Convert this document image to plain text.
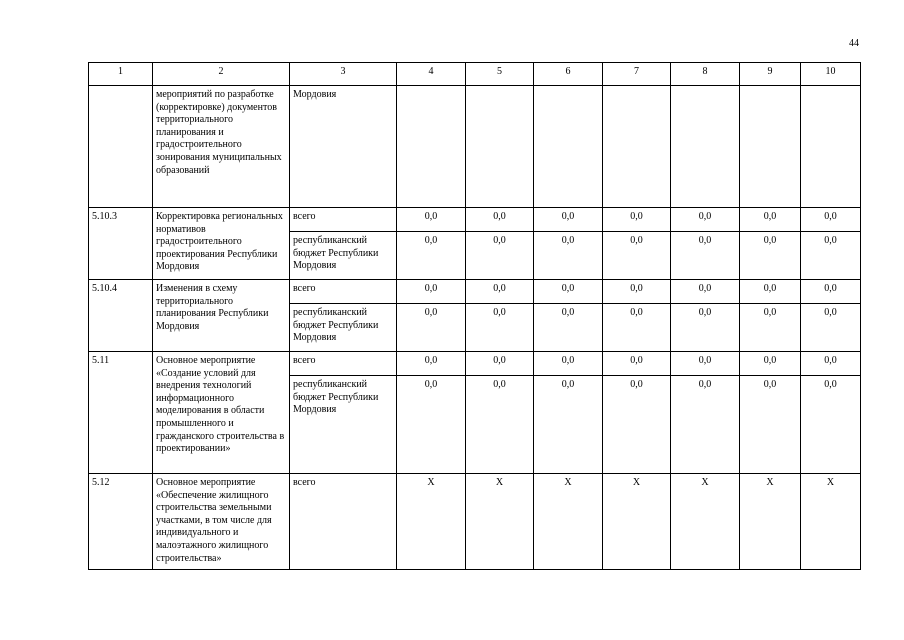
44
1	2	3	4	5	6	7	8	9	10
	мероприятий по разработке (корректировке) документов территориального планирования и градостроительного зонирования муниципальных образований	Мордовия							
5.10.3	Корректировка региональных нормативов градостроительного проектирования Республики Мордовия	всего	0,0	0,0	0,0	0,0	0,0	0,0	0,0
		республиканский бюджет Республики Мордовия	0,0	0,0	0,0	0,0	0,0	0,0	0,0
5.10.4	Изменения в схему территориального планирования Республики Мордовия	всего	0,0	0,0	0,0	0,0	0,0	0,0	0,0
		республиканский бюджет Республики Мордовия	0,0	0,0	0,0	0,0	0,0	0,0	0,0
5.11	Основное мероприятие «Создание условий для внедрения технологий информационного моделирования в области промышленного и гражданского строительства в проектировании»	всего	0,0	0,0	0,0	0,0	0,0	0,0	0,0
		республиканский бюджет Республики Мордовия	0,0	0,0	0,0	0,0	0,0	0,0	0,0
5.12	Основное мероприятие «Обеспечение жилищного строительства земельными участками, в том числе для индивидуального и малоэтажного жилищного строительства»	всего	Х	Х	Х	Х	Х	Х	Х
